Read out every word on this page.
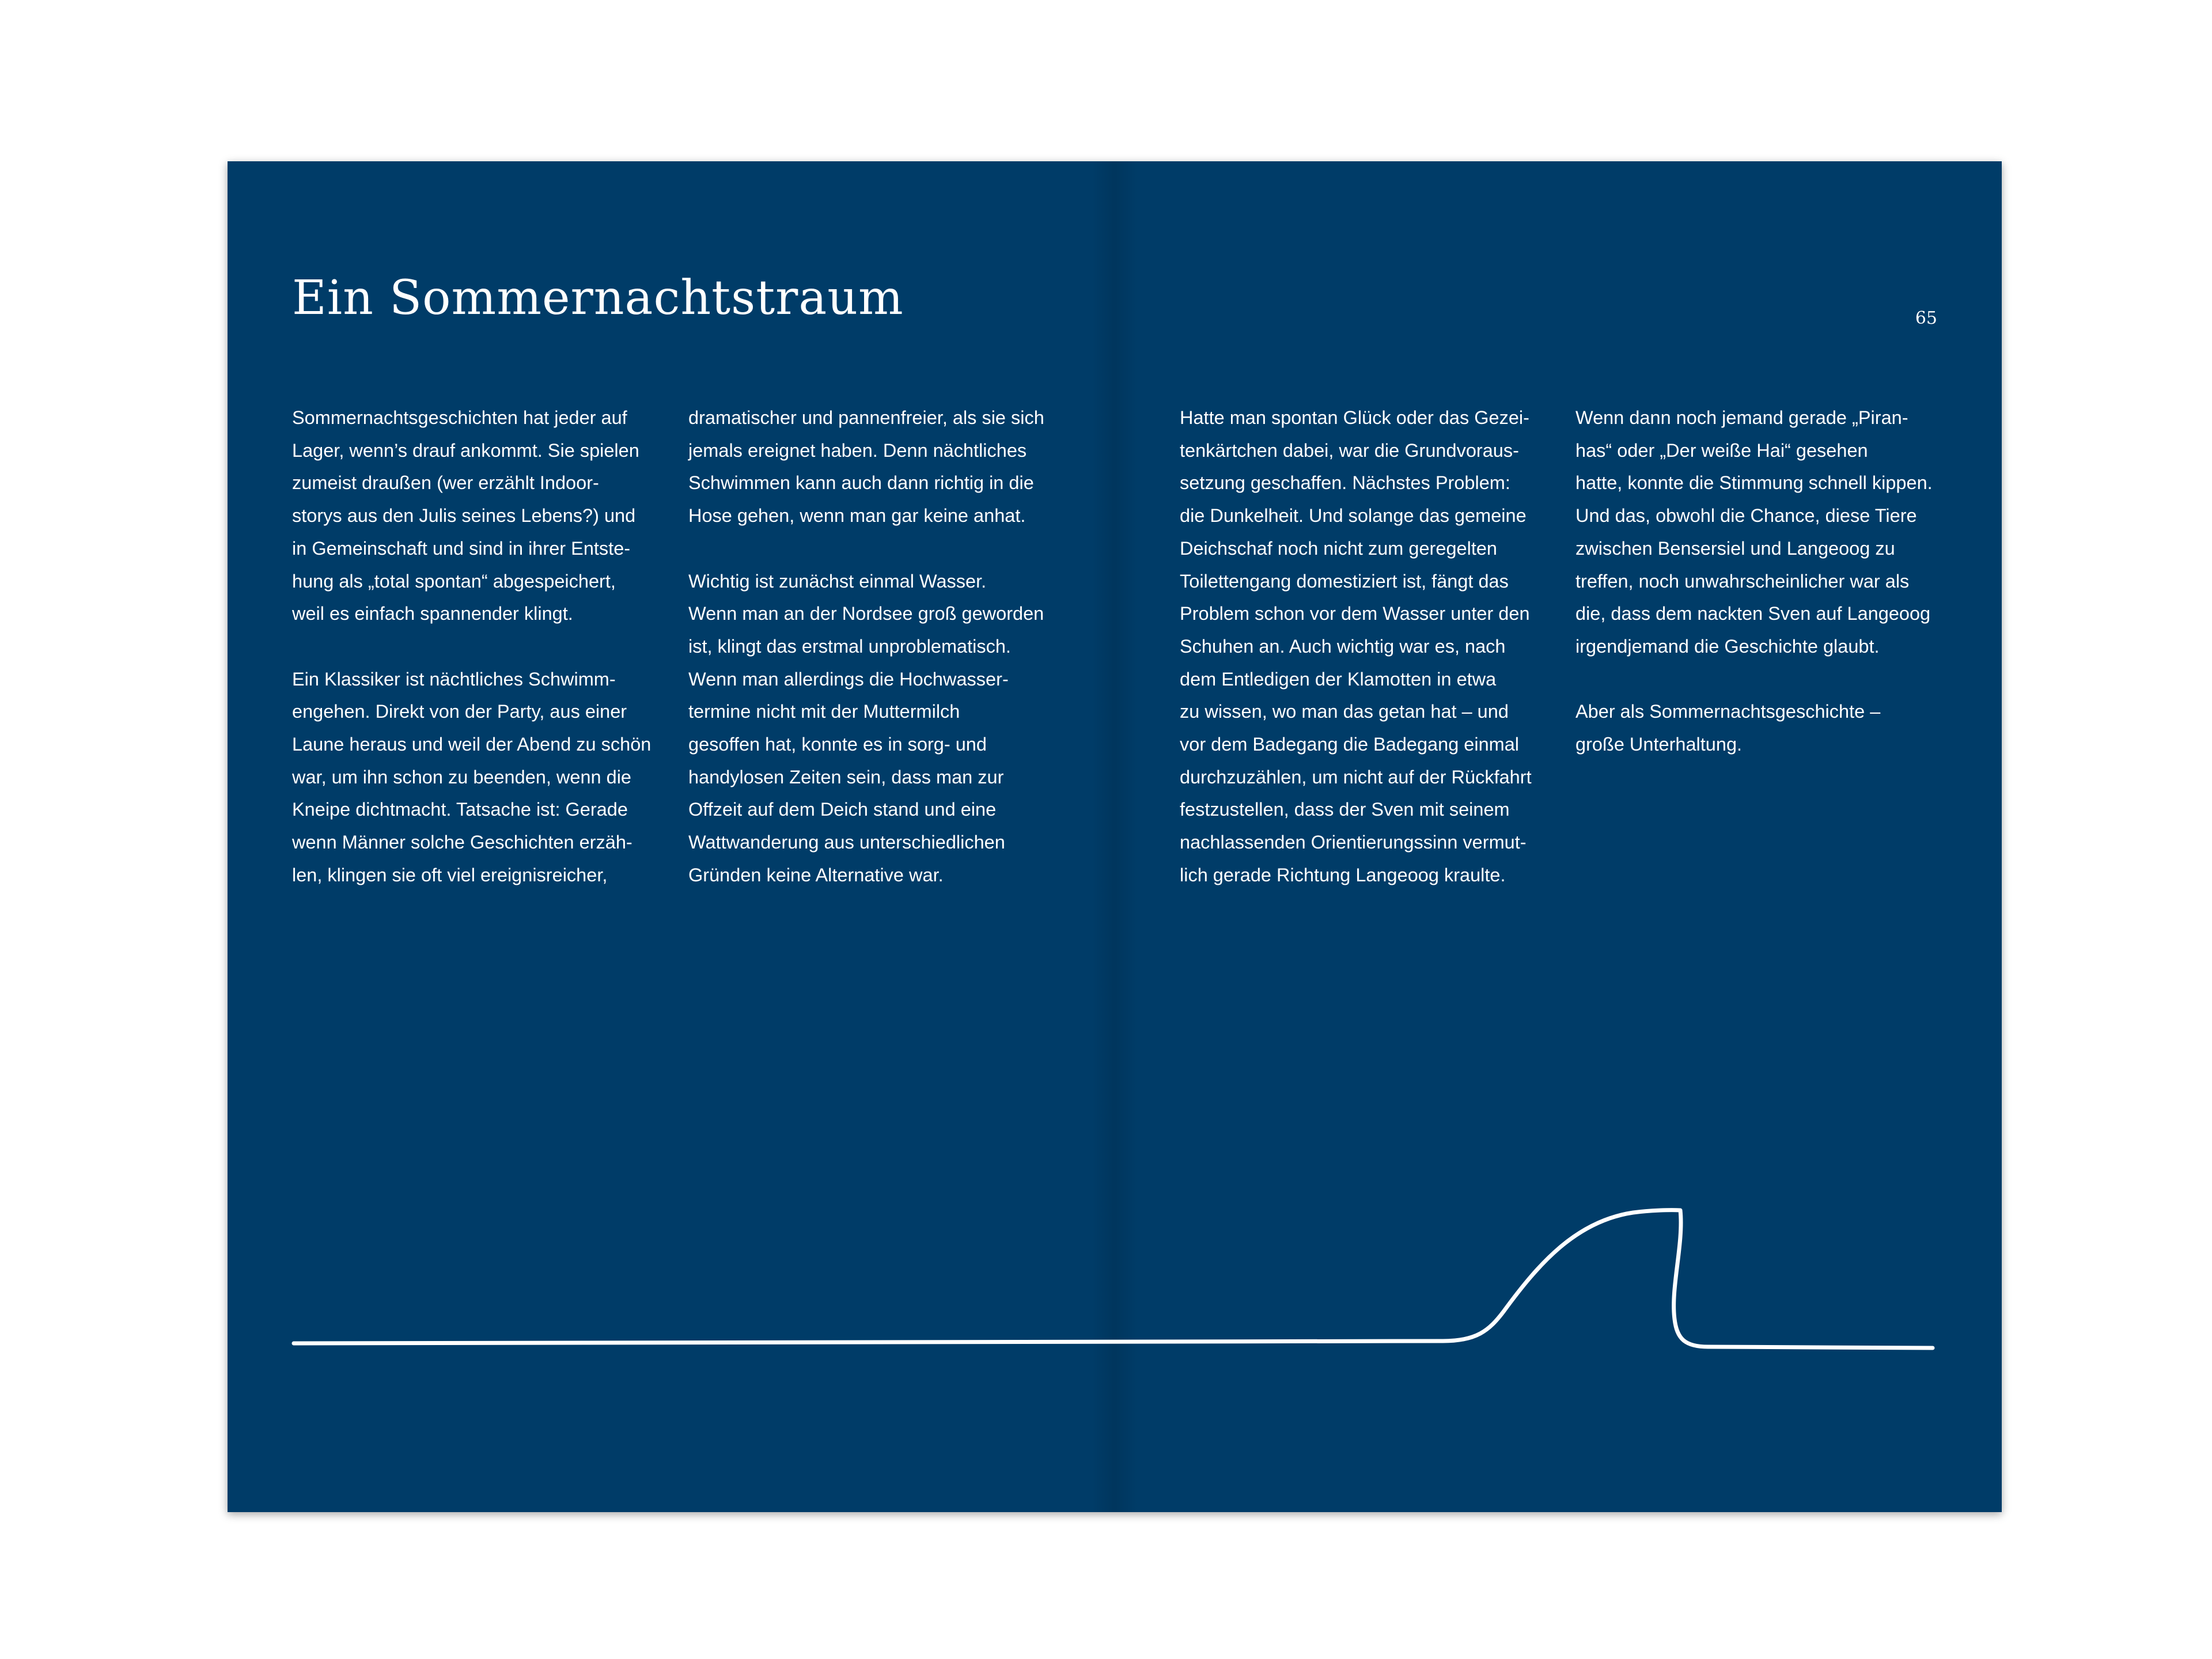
Ein Sommernachtstraum

Sommernachtsgeschichten hat jeder auf
Lager, wenn’s drauf ankommt. Sie spielen
zumeist draußen (wer erzählt Indoor-
storys aus den Julis seines Lebens?) und
in Gemeinschaft und sind in ihrer Entste-
hung als „total spontan“ abgespeichert,
weil es einfach spannender klingt.

Ein Klassiker ist nächtliches Schwimm-
engehen. Direkt von der Party, aus einer
Laune heraus und weil der Abend zu schön
war, um ihn schon zu beenden, wenn die
Kneipe dichtmacht. Tatsache ist: Gerade
wenn Männer solche Geschichten erzäh-
len, klingen sie oft viel ereignisreicher,

dramatischer und pannenfreier, als sie sich
jemals ereignet haben. Denn nächtliches
Schwimmen kann auch dann richtig in die
Hose gehen, wenn man gar keine anhat.

Wichtig ist zunächst einmal Wasser.
Wenn man an der Nordsee groß geworden
ist, klingt das erstmal unproblematisch.
Wenn man allerdings die Hochwasser-
termine nicht mit der Muttermilch
gesoffen hat, konnte es in sorg- und
handylosen Zeiten sein, dass man zur
Offzeit auf dem Deich stand und eine
Wattwanderung aus unterschiedlichen
Gründen keine Alternative war.

65

Hatte man spontan Glück oder das Gezei-
tenkärtchen dabei, war die Grundvoraus-
setzung geschaffen. Nächstes Problem:
die Dunkelheit. Und solange das gemeine
Deichschaf noch nicht zum geregelten
Toilettengang domestiziert ist, fängt das
Problem schon vor dem Wasser unter den
Schuhen an. Auch wichtig war es, nach
dem Entledigen der Klamotten in etwa
zu wissen, wo man das getan hat – und
vor dem Badegang die Badegang einmal
durchzuzählen, um nicht auf der Rückfahrt
festzustellen, dass der Sven mit seinem
nachlassenden Orientierungssinn vermut-
lich gerade Richtung Langeoog kraulte.

Wenn dann noch jemand gerade „Piran-
has“ oder „Der weiße Hai“ gesehen
hatte, konnte die Stimmung schnell kippen.
Und das, obwohl die Chance, diese Tiere
zwischen Bensersiel und Langeoog zu
treffen, noch unwahrscheinlicher war als
die, dass dem nackten Sven auf Langeoog
irgendjemand die Geschichte glaubt.

Aber als Sommernachtsgeschichte –
große Unterhaltung.
